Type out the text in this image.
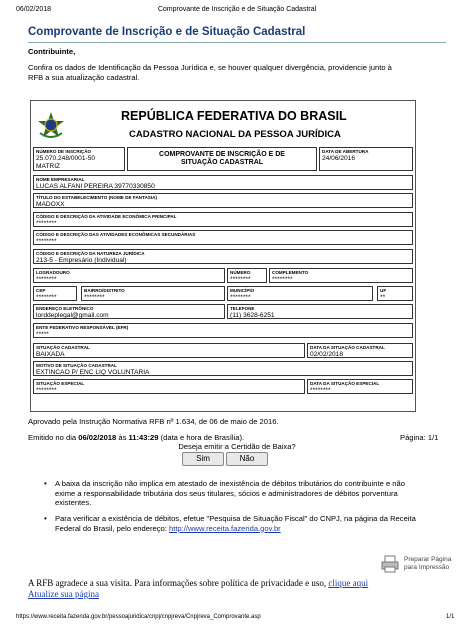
06/02/2018	Comprovante de Inscrição e de Situação Cadastral
Comprovante de Inscrição e de Situação Cadastral
Contribuinte,
Confira os dados de Identificação da Pessoa Jurídica e, se houver qualquer divergência, providencie junto à RFB a sua atualização cadastral.
REPÚBLICA FEDERATIVA DO BRASIL
CADASTRO NACIONAL DA PESSOA JURÍDICA
NÚMERO DE INSCRIÇÃO
25.070.248/0001-50
MATRIZ
COMPROVANTE DE INSCRIÇÃO E DE SITUAÇÃO CADASTRAL
DATA DE ABERTURA
24/06/2016
NOME EMPRESARIAL
LUCAS ALFANI PEREIRA 39770330850
TÍTULO DO ESTABELECIMENTO (NOME DE FANTASIA)
MADOXX
CÓDIGO E DESCRIÇÃO DA ATIVIDADE ECONÔMICA PRINCIPAL
********
CÓDIGO E DESCRIÇÃO DAS ATIVIDADES ECONÔMICAS SECUNDÁRIAS
********
CÓDIGO E DESCRIÇÃO DA NATUREZA JURÍDICA
213-5 - Empresário (Individual)
LOGRADOURO
********
NÚMERO
********
COMPLEMENTO
********
CEP
********
BAIRRO/DISTRITO
********
MUNICÍPIO
********
UF
**
ENDEREÇO ELETRÔNICO
lorddeplegal@gmail.com
TELEFONE
(11) 3628-6251
ENTE FEDERATIVO RESPONSÁVEL (EFR)
*****
SITUAÇÃO CADASTRAL
BAIXADA
DATA DA SITUAÇÃO CADASTRAL
02/02/2018
MOTIVO DE SITUAÇÃO CADASTRAL
EXTINCAO P/ ENC LIQ VOLUNTARIA
SITUAÇÃO ESPECIAL
********
DATA DA SITUAÇÃO ESPECIAL
********
Aprovado pela Instrução Normativa RFB nº 1.634, de 06 de maio de 2016.
Emitido no dia 06/02/2018 às 11:43:29 (data e hora de Brasília).	Página: 1/1
Deseja emitir a Certidão de Baixa?
Sim	Não
• A baixa da inscrição não implica em atestado de inexistência de débitos tributários do contribuinte e não exime a responsabilidade tributária dos seus titulares, sócios e administradores de débitos porventura existentes.
• Para verificar a existência de débitos, efetue "Pesquisa de Situação Fiscal" do CNPJ, na página da Receita Federal do Brasil, pelo endereço: http://www.receita.fazenda.gov.br
Preparar Página
para Impressão
A RFB agradece a sua visita. Para informações sobre política de privacidade e uso, clique aqui
Atualize sua página
https://www.receita.fazenda.gov.br/pessoajuridica/cnpj/cnpjreva/Cnpjreva_Comprovante.asp	1/1
